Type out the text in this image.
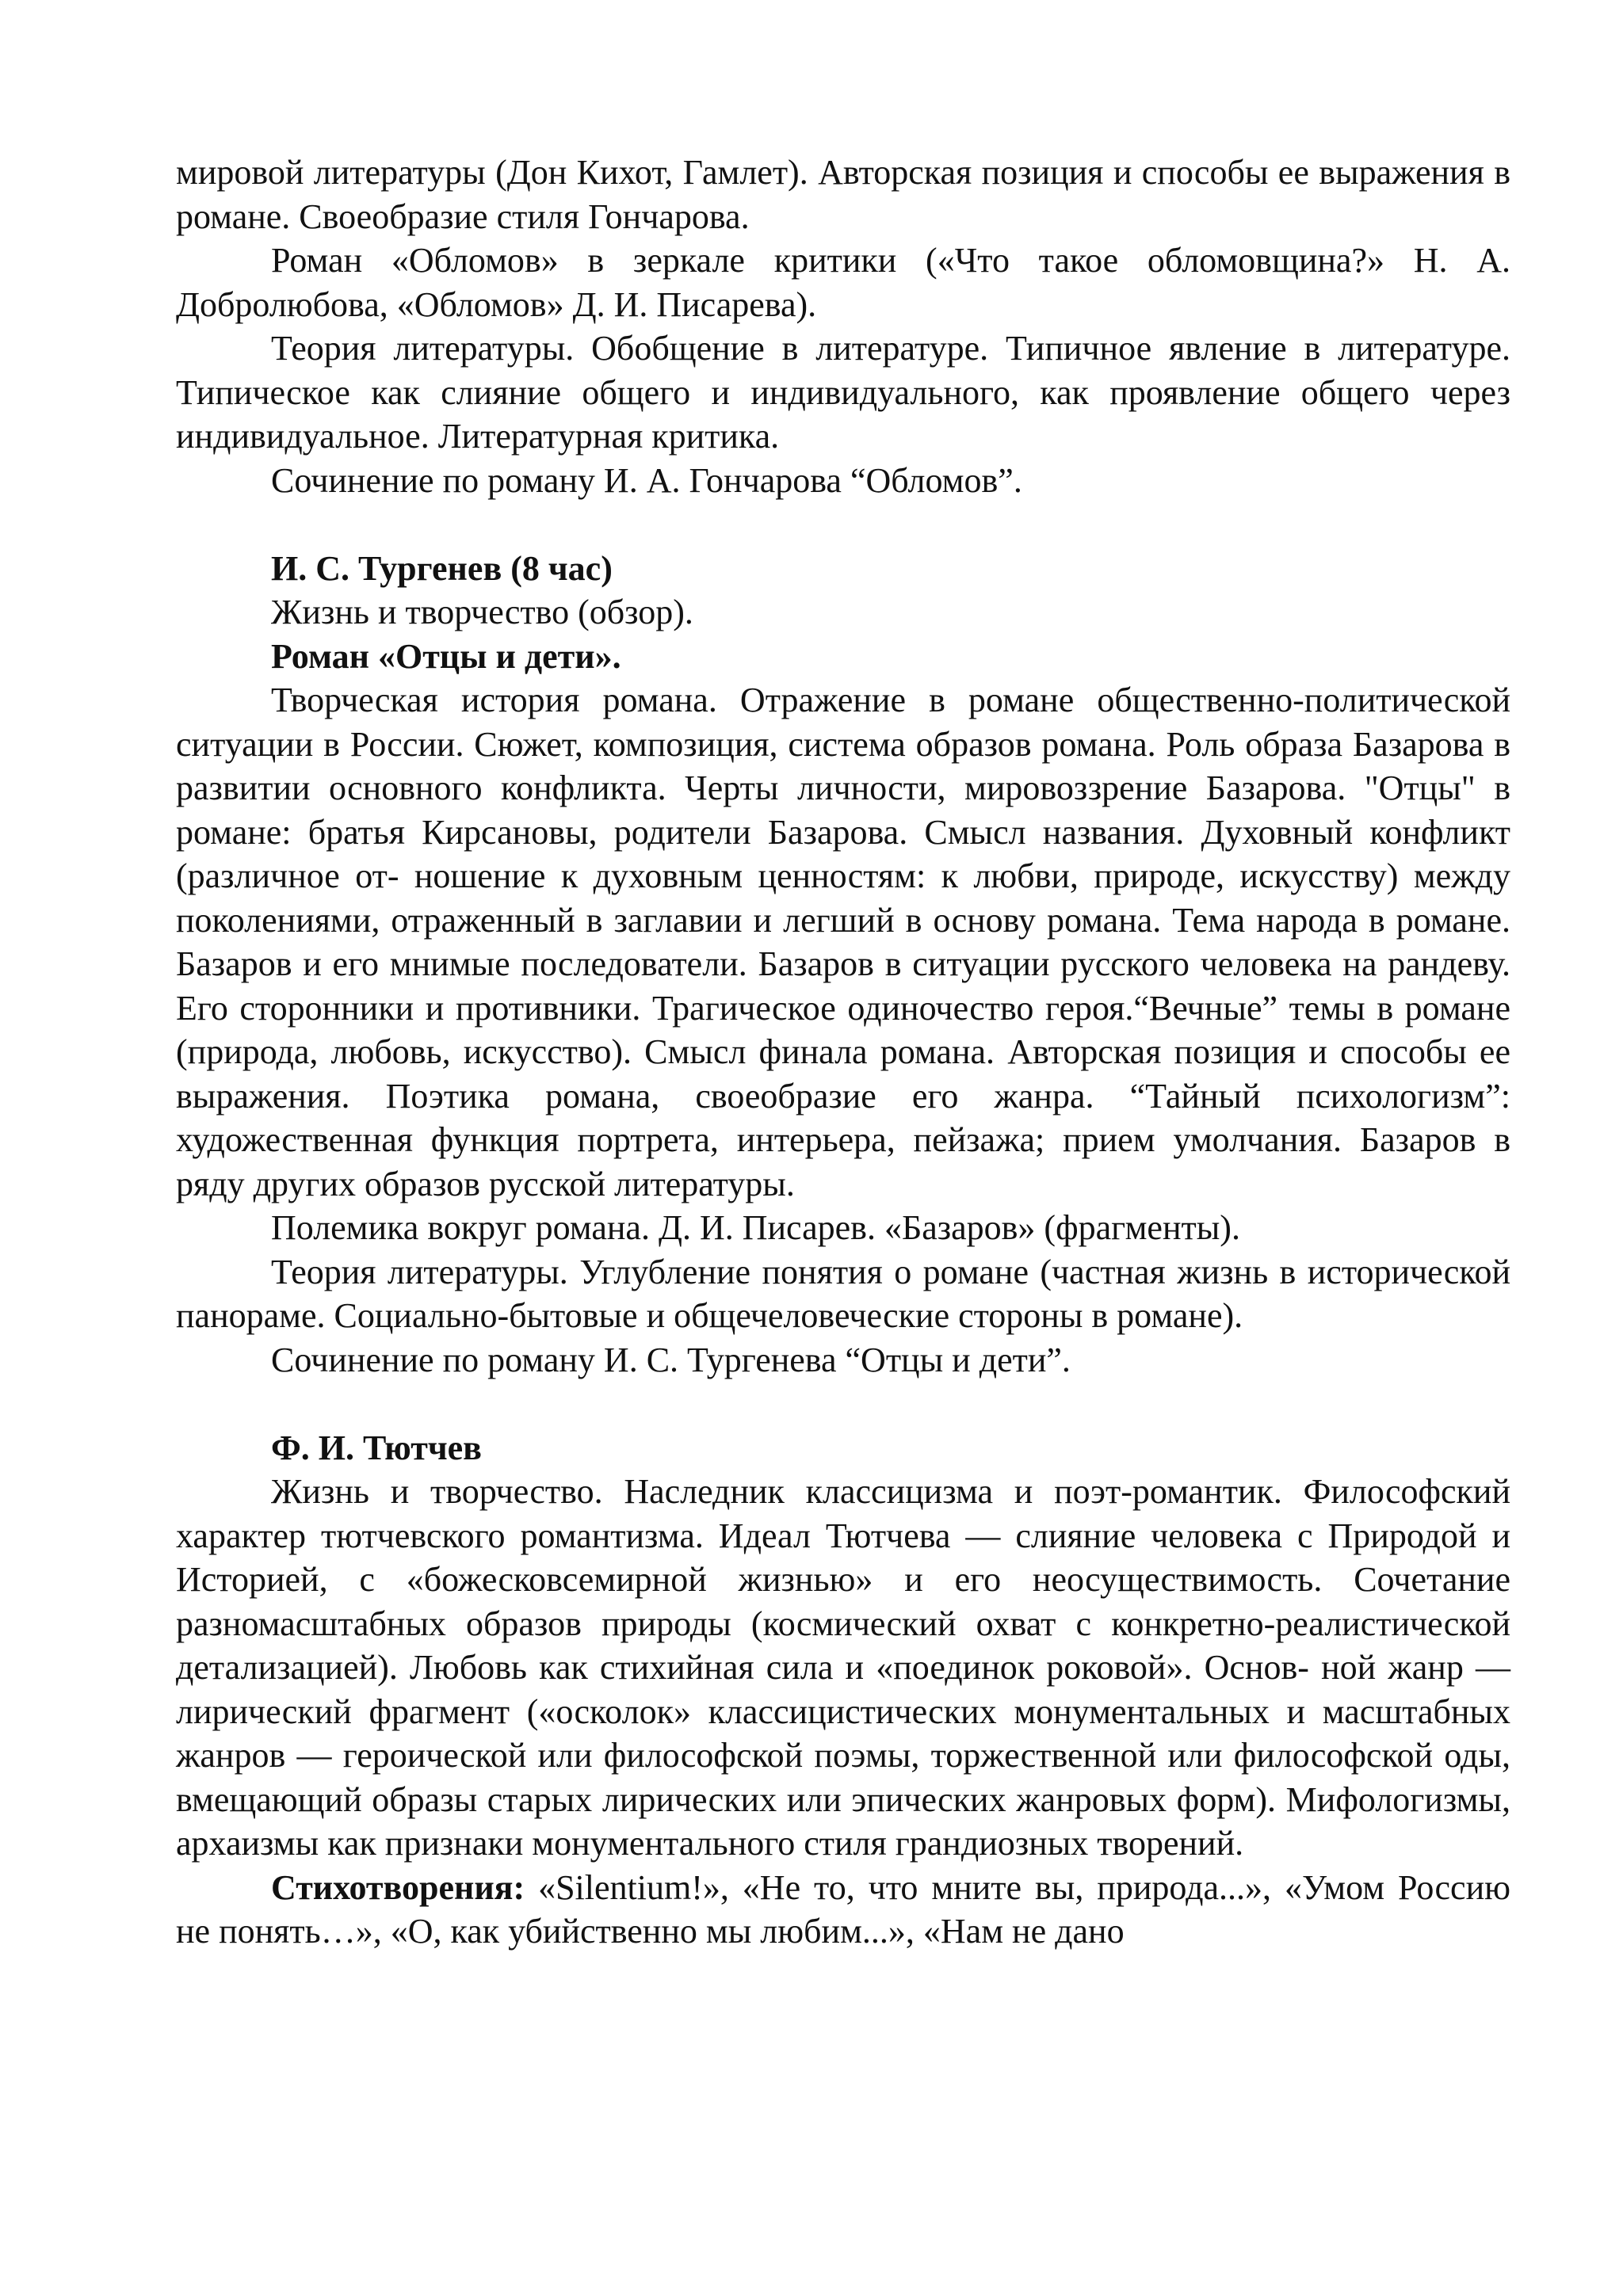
мировой литературы (Дон Кихот, Гамлет). Авторская позиция и способы ее выражения в романе. Своеобразие стиля Гончарова.

Роман «Обломов» в зеркале критики («Что такое обломовщина?» Н. А. Добролюбова, «Обломов» Д. И. Писарева).

Теория литературы. Обобщение в литературе. Типичное явление в литературе. Типическое как слияние общего и индивидуального, как проявление общего через индивидуальное. Литературная критика.

Сочинение по роману И. А. Гончарова “Обломов”.

И. С. Тургенев (8 час)

Жизнь и творчество (обзор).

Роман «Отцы и дети».

Творческая история романа. Отражение в романе общественно-политической ситуации в России. Сюжет, композиция, система образов романа. Роль образа Базарова в развитии основного конфликта. Черты личности, мировоззрение Базарова. "Отцы" в романе: братья Кирсановы, родители Базарова. Смысл названия. Духовный конфликт (различное от- ношение к духовным ценностям: к любви, природе, искусству) между поколениями, отраженный в заглавии и легший в основу романа. Тема народа в романе. Базаров и его мнимые последователи. Базаров в ситуации русского человека на рандеву. Его сторонники и противники. Трагическое одиночество героя.“Вечные” темы в романе (природа, любовь, искусство). Смысл финала романа. Авторская позиция и способы ее выражения. Поэтика романа, своеобразие его жанра. “Тайный психологизм”: художественная функция портрета, интерьера, пейзажа; прием умолчания. Базаров в ряду других образов русской литературы.

Полемика вокруг романа. Д. И. Писарев. «Базаров» (фрагменты).

Теория литературы. Углубление понятия о романе (частная жизнь в исторической панораме. Социально-бытовые и общечеловеческие стороны в романе).

Сочинение по роману И. С. Тургенева “Отцы и дети”.

Ф. И. Тютчев

Жизнь и творчество. Наследник классицизма и поэт-романтик. Философский характер тютчевского романтизма. Идеал Тютчева — слияние человека с Природой и Историей, с «божесковсемирной жизнью» и его неосуществимость. Сочетание разномасштабных образов природы (космический охват с конкретно-реалистической детализацией). Любовь как стихийная сила и «поединок роковой». Основ- ной жанр — лирический фрагмент («осколок» классицистических монументальных и масштабных жанров — героической или философской поэмы, торжественной или философской оды, вмещающий образы старых лирических или эпических жанровых форм). Мифологизмы, архаизмы как признаки монументального стиля грандиозных творений.

Стихотворения: «Silentium!», «Не то, что мните вы, природа...», «Умом Россию не понять…», «О, как убийственно мы любим...», «Нам не дано
